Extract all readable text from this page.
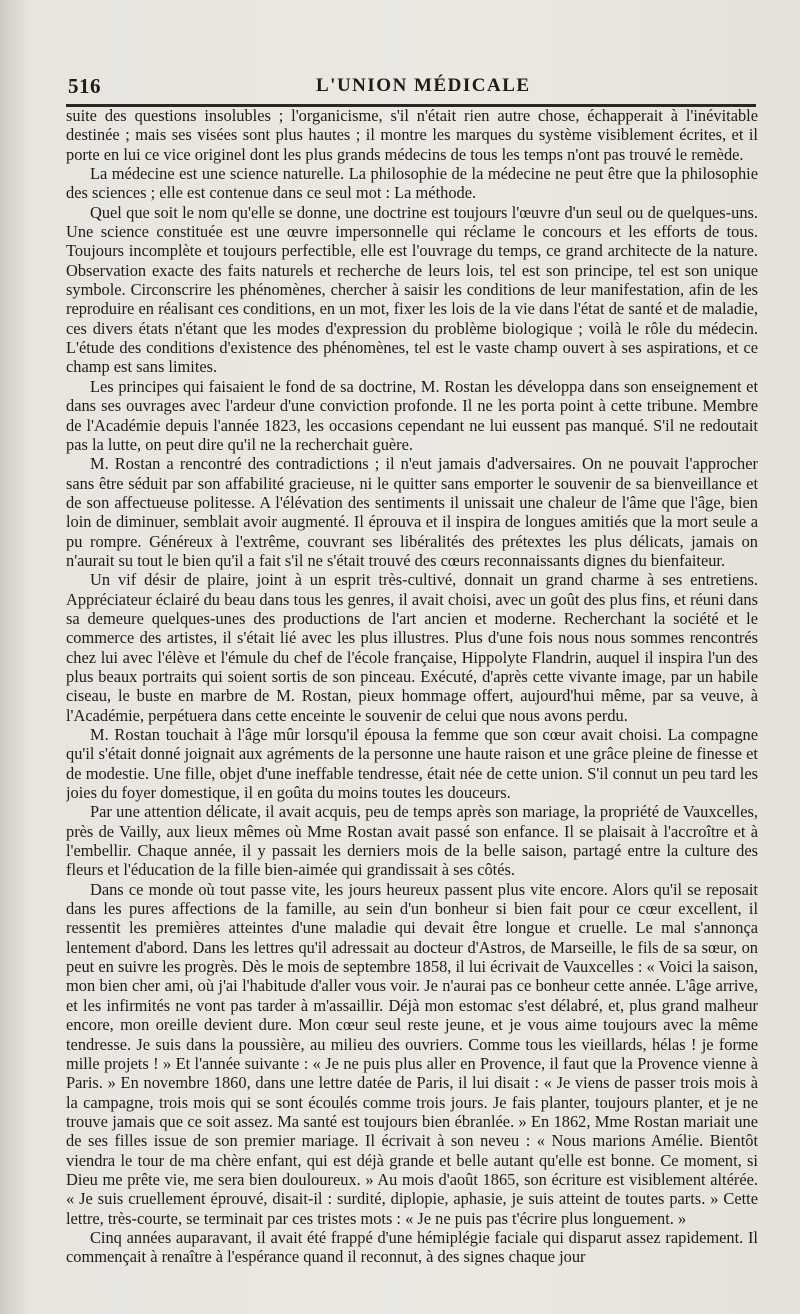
516	L'UNION MÉDICALE

suite des questions insolubles ; l'organicisme, s'il n'était rien autre chose, échapperait à l'inévitable destinée ; mais ses visées sont plus hautes ; il montre les marques du système visiblement écrites, et il porte en lui ce vice originel dont les plus grands médecins de tous les temps n'ont pas trouvé le remède.

La médecine est une science naturelle. La philosophie de la médecine ne peut être que la philosophie des sciences ; elle est contenue dans ce seul mot : La méthode.

Quel que soit le nom qu'elle se donne, une doctrine est toujours l'œuvre d'un seul ou de quelques-uns. Une science constituée est une œuvre impersonnelle qui réclame le concours et les efforts de tous. Toujours incomplète et toujours perfectible, elle est l'ouvrage du temps, ce grand architecte de la nature. Observation exacte des faits naturels et recherche de leurs lois, tel est son principe, tel est son unique symbole. Circonscrire les phénomènes, chercher à saisir les conditions de leur manifestation, afin de les reproduire en réalisant ces conditions, en un mot, fixer les lois de la vie dans l'état de santé et de maladie, ces divers états n'étant que les modes d'expression du problème biologique ; voilà le rôle du médecin. L'étude des conditions d'existence des phénomènes, tel est le vaste champ ouvert à ses aspirations, et ce champ est sans limites.

Les principes qui faisaient le fond de sa doctrine, M. Rostan les développa dans son enseignement et dans ses ouvrages avec l'ardeur d'une conviction profonde. Il ne les porta point à cette tribune. Membre de l'Académie depuis l'année 1823, les occasions cependant ne lui eussent pas manqué. S'il ne redoutait pas la lutte, on peut dire qu'il ne la recherchait guère.

M. Rostan a rencontré des contradictions ; il n'eut jamais d'adversaires. On ne pouvait l'approcher sans être séduit par son affabilité gracieuse, ni le quitter sans emporter le souvenir de sa bienveillance et de son affectueuse politesse. A l'élévation des sentiments il unissait une chaleur de l'âme que l'âge, bien loin de diminuer, semblait avoir augmenté. Il éprouva et il inspira de longues amitiés que la mort seule a pu rompre. Généreux à l'extrême, couvrant ses libéralités des prétextes les plus délicats, jamais on n'aurait su tout le bien qu'il a fait s'il ne s'était trouvé des cœurs reconnaissants dignes du bienfaiteur.

Un vif désir de plaire, joint à un esprit très-cultivé, donnait un grand charme à ses entretiens. Appréciateur éclairé du beau dans tous les genres, il avait choisi, avec un goût des plus fins, et réuni dans sa demeure quelques-unes des productions de l'art ancien et moderne. Recherchant la société et le commerce des artistes, il s'était lié avec les plus illustres. Plus d'une fois nous nous sommes rencontrés chez lui avec l'élève et l'émule du chef de l'école française, Hippolyte Flandrin, auquel il inspira l'un des plus beaux portraits qui soient sortis de son pinceau. Exécuté, d'après cette vivante image, par un habile ciseau, le buste en marbre de M. Rostan, pieux hommage offert, aujourd'hui même, par sa veuve, à l'Académie, perpétuera dans cette enceinte le souvenir de celui que nous avons perdu.

M. Rostan touchait à l'âge mûr lorsqu'il épousa la femme que son cœur avait choisi. La compagne qu'il s'était donné joignait aux agréments de la personne une haute raison et une grâce pleine de finesse et de modestie. Une fille, objet d'une ineffable tendresse, était née de cette union. S'il connut un peu tard les joies du foyer domestique, il en goûta du moins toutes les douceurs.

Par une attention délicate, il avait acquis, peu de temps après son mariage, la propriété de Vauxcelles, près de Vailly, aux lieux mêmes où Mme Rostan avait passé son enfance. Il se plaisait à l'accroître et à l'embellir. Chaque année, il y passait les derniers mois de la belle saison, partagé entre la culture des fleurs et l'éducation de la fille bien-aimée qui grandissait à ses côtés.

Dans ce monde où tout passe vite, les jours heureux passent plus vite encore. Alors qu'il se reposait dans les pures affections de la famille, au sein d'un bonheur si bien fait pour ce cœur excellent, il ressentit les premières atteintes d'une maladie qui devait être longue et cruelle. Le mal s'annonça lentement d'abord. Dans les lettres qu'il adressait au docteur d'Astros, de Marseille, le fils de sa sœur, on peut en suivre les progrès. Dès le mois de septembre 1858, il lui écrivait de Vauxcelles : « Voici la saison, mon bien cher ami, où j'ai l'habitude d'aller vous voir. Je n'aurai pas ce bonheur cette année. L'âge arrive, et les infirmités ne vont pas tarder à m'assaillir. Déjà mon estomac s'est délabré, et, plus grand malheur encore, mon oreille devient dure. Mon cœur seul reste jeune, et je vous aime toujours avec la même tendresse. Je suis dans la poussière, au milieu des ouvriers. Comme tous les vieillards, hélas ! je forme mille projets ! » Et l'année suivante : « Je ne puis plus aller en Provence, il faut que la Provence vienne à Paris. » En novembre 1860, dans une lettre datée de Paris, il lui disait : « Je viens de passer trois mois à la campagne, trois mois qui se sont écoulés comme trois jours. Je fais planter, toujours planter, et je ne trouve jamais que ce soit assez. Ma santé est toujours bien ébranlée. » En 1862, Mme Rostan mariait une de ses filles issue de son premier mariage. Il écrivait à son neveu : « Nous marions Amélie. Bientôt viendra le tour de ma chère enfant, qui est déjà grande et belle autant qu'elle est bonne. Ce moment, si Dieu me prête vie, me sera bien douloureux. » Au mois d'août 1865, son écriture est visiblement altérée. « Je suis cruellement éprouvé, disait-il : surdité, diplopie, aphasie, je suis atteint de toutes parts. » Cette lettre, très-courte, se terminait par ces tristes mots : « Je ne puis pas t'écrire plus longuement. »

Cinq années auparavant, il avait été frappé d'une hémiplégie faciale qui disparut assez rapidement. Il commençait à renaître à l'espérance quand il reconnut, à des signes chaque jour
